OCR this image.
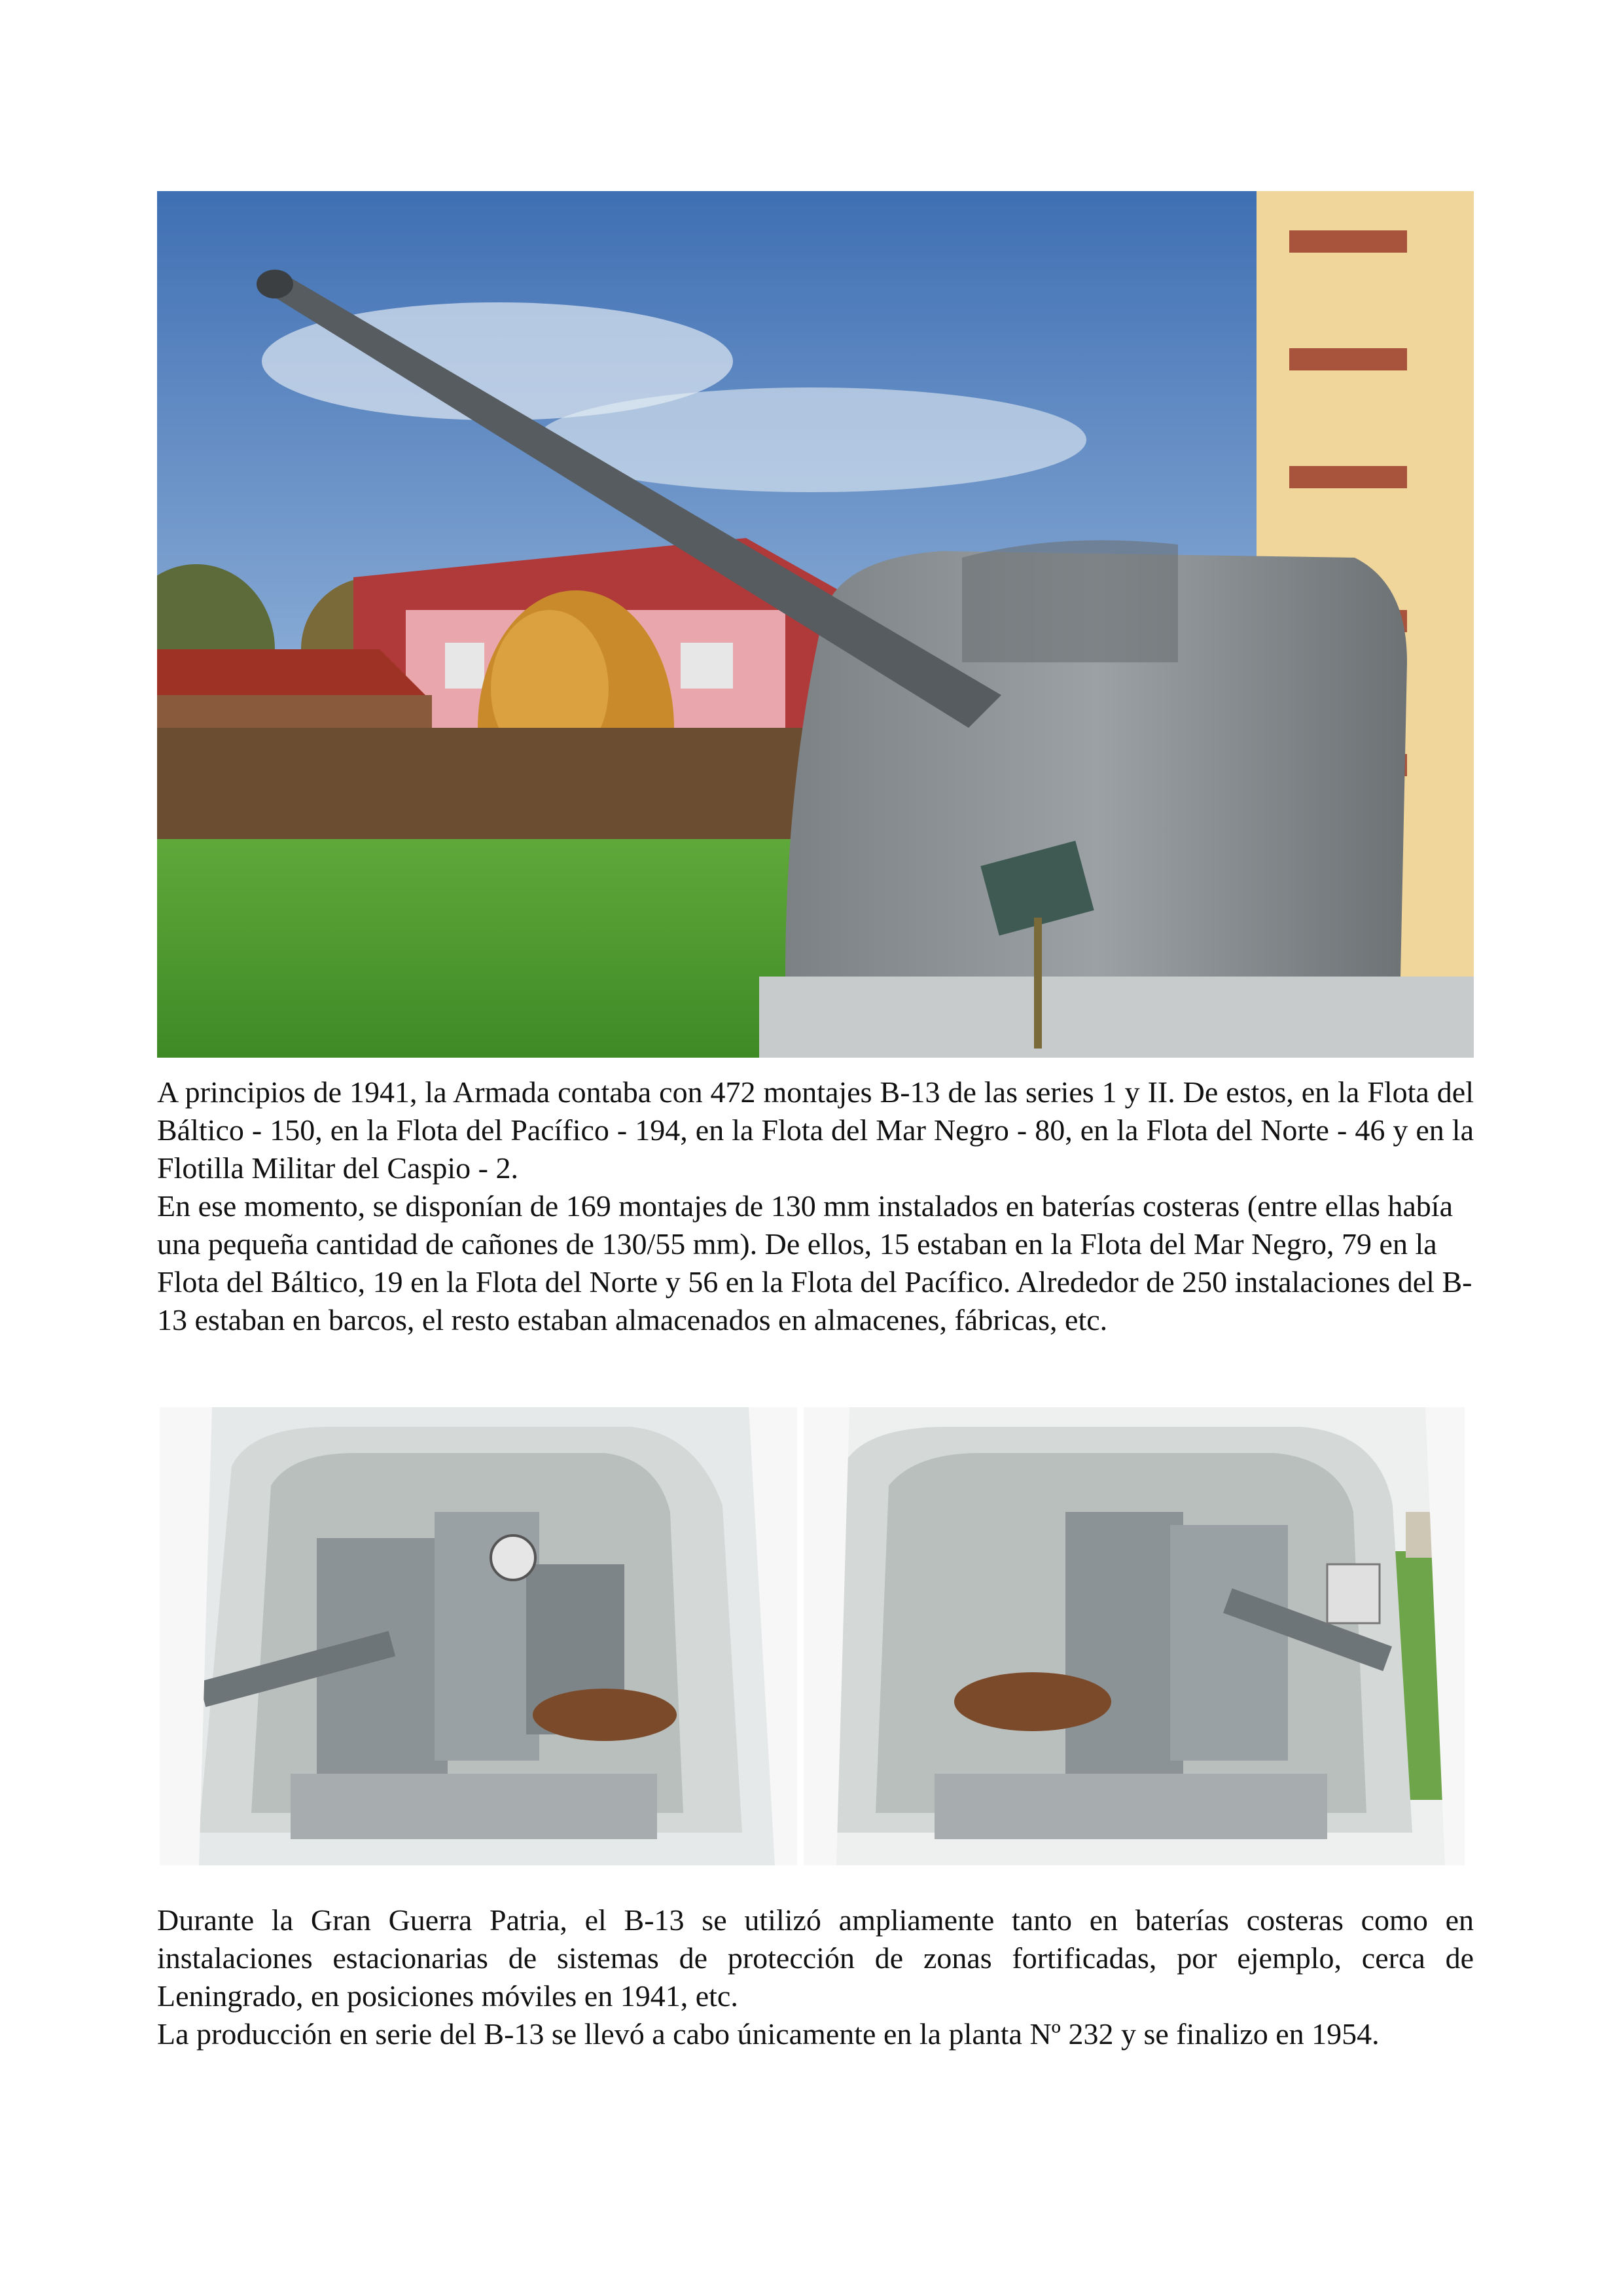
A principios de 1941, la Armada contaba con 472 montajes B-13 de las series 1 y II. De estos, en la Flota del Báltico - 150, en la Flota del Pacífico - 194, en la Flota del Mar Negro - 80, en la Flota del Norte - 46 y en la Flotilla Militar del Caspio - 2.

En ese momento, se disponían de 169 montajes de 130 mm instalados en baterías costeras (entre ellas había una pequeña cantidad de cañones de 130/55 mm). De ellos, 15 estaban en la Flota del Mar Negro, 79 en la Flota del Báltico, 19 en la Flota del Norte y 56 en la Flota del Pacífico. Alrededor de 250 instalaciones del B-13 estaban en barcos, el resto estaban almacenados en almacenes, fábricas, etc.

Durante la Gran Guerra Patria, el B-13 se utilizó ampliamente tanto en baterías costeras como en instalaciones estacionarias de sistemas de protección de zonas fortificadas, por ejemplo, cerca de Leningrado, en posiciones móviles en 1941, etc.

La producción en serie del B-13 se llevó a cabo únicamente en la planta Nº 232 y se finalizo en 1954.
